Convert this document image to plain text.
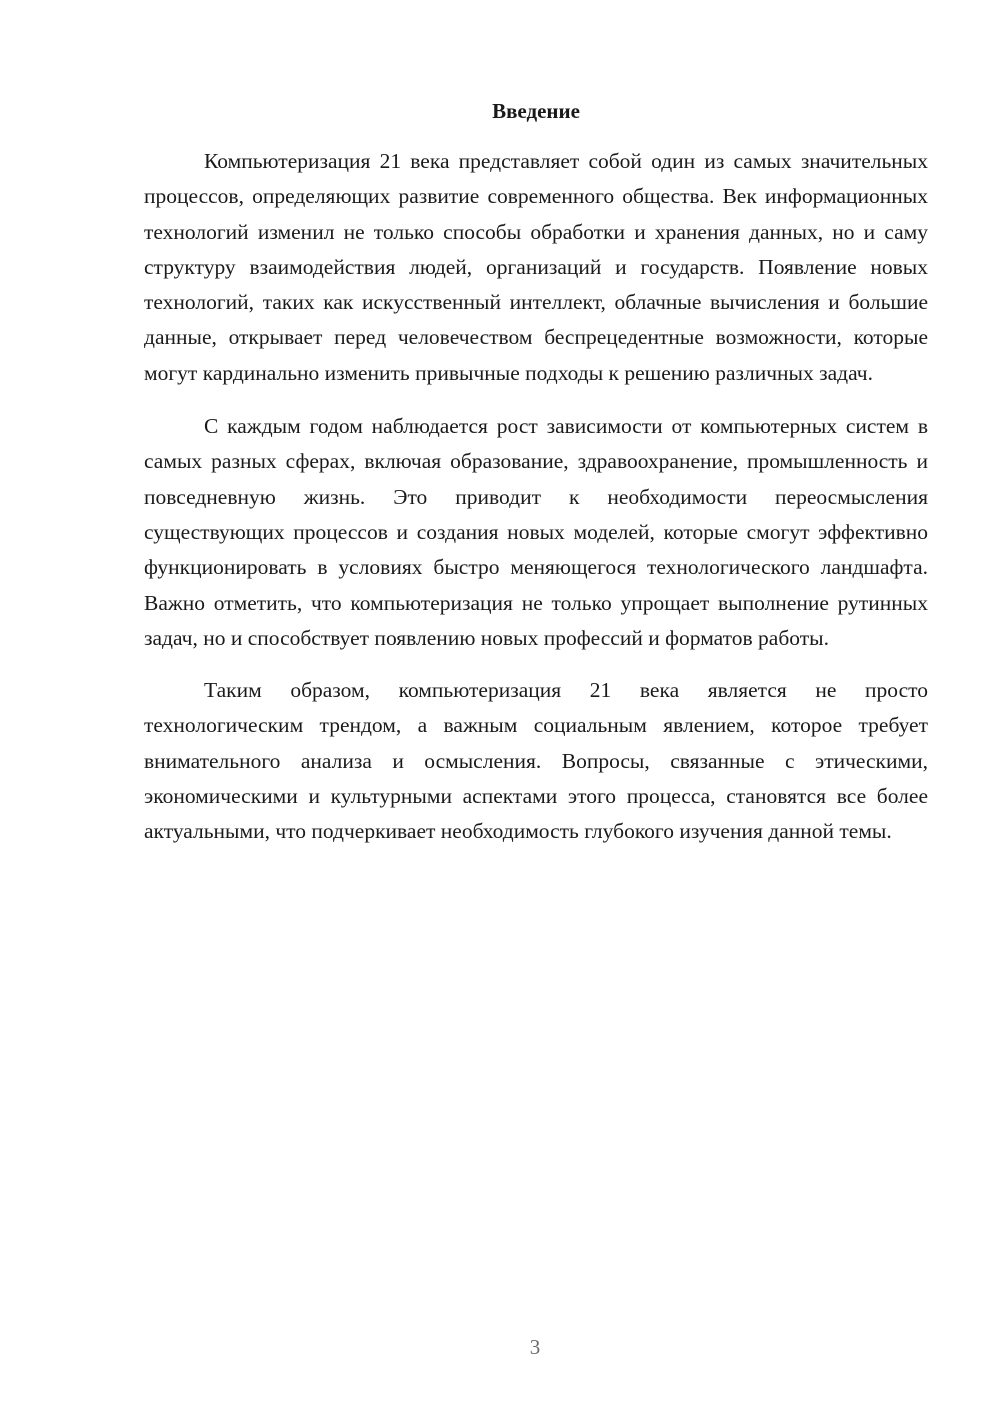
Введение

Компьютеризация 21 века представляет собой один из самых значительных процессов, определяющих развитие современного общества. Век информационных технологий изменил не только способы обработки и хранения данных, но и саму структуру взаимодействия людей, организаций и государств. Появление новых технологий, таких как искусственный интеллект, облачные вычисления и большие данные, открывает перед человечеством беспрецедентные возможности, которые могут кардинально изменить привычные подходы к решению различных задач.

С каждым годом наблюдается рост зависимости от компьютерных систем в самых разных сферах, включая образование, здравоохранение, промышленность и повседневную жизнь. Это приводит к необходимости переосмысления существующих процессов и создания новых моделей, которые смогут эффективно функционировать в условиях быстро меняющегося технологического ландшафта. Важно отметить, что компьютеризация не только упрощает выполнение рутинных задач, но и способствует появлению новых профессий и форматов работы.

Таким образом, компьютеризация 21 века является не просто технологическим трендом, а важным социальным явлением, которое требует внимательного анализа и осмысления. Вопросы, связанные с этическими, экономическими и культурными аспектами этого процесса, становятся все более актуальными, что подчеркивает необходимость глубокого изучения данной темы.

3
